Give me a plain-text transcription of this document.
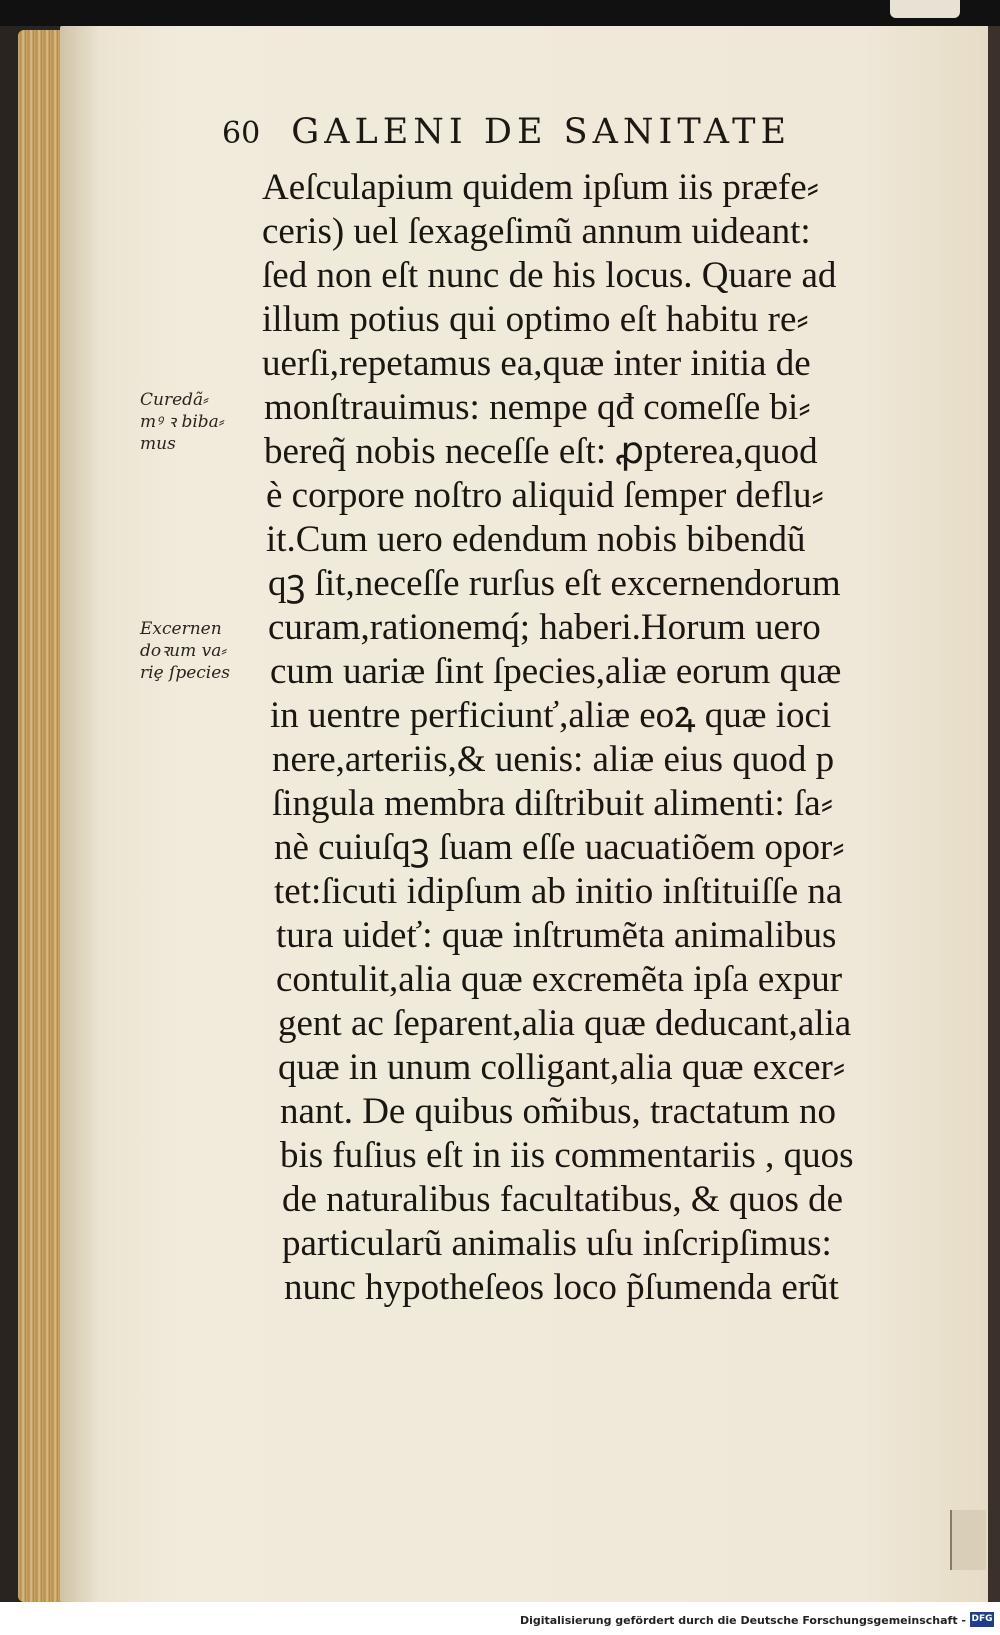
60 GALENI DE SANITATE
Curedã⸗
mꝰ ꝛ biba⸗
mus
Excernen
doꝛum va⸗
riȩ ſpecies
Aeſculapium quidem ipſum iis præfe⸗
ceris) uel ſexageſimũ annum uideant:
ſed non eſt nunc de his locus. Quare ad
illum potius qui optimo eſt habitu re⸗
uerſi,repetamus ea,quæ inter initia de
monſtrauimus: nempe qđ comeſſe bi⸗
bereq̃ nobis neceſſe eſt: ꝓpterea,quod
è corpore noſtro aliquid ſemper deflu⸗
it.Cum uero edendum nobis bibendũ
qꝫ ſit,neceſſe rurſus eſt excernendorum
curam,rationemq́; haberi.Horum uero
cum uariæ ſint ſpecies,aliæ eorum quæ
in uentre perficiunť,aliæ eoꝝ quæ ioci
nere,arteriis,& uenis: aliæ eius quod p
ſingula membra diſtribuit alimenti: ſa⸗
nè cuiuſqꝫ ſuam eſſe uacuatiõem opor⸗
tet:ſicuti idipſum ab initio inſtituiſſe na
tura uideť: quæ inſtrumẽta animalibus
contulit,alia quæ excremẽta ipſa expur
gent ac ſeparent,alia quæ deducant,alia
quæ in unum colligant,alia quæ excer⸗
nant. De quibus om̃ibus, tractatum no
bis fuſius eſt in iis commentariis , quos
de naturalibus facultatibus, & quos de
particularũ animalis uſu inſcripſimus:
nunc hypotheſeos loco p̃ſumenda erũt
Digitalisierung gefördert durch die Deutsche Forschungsgemeinschaft - DFG
